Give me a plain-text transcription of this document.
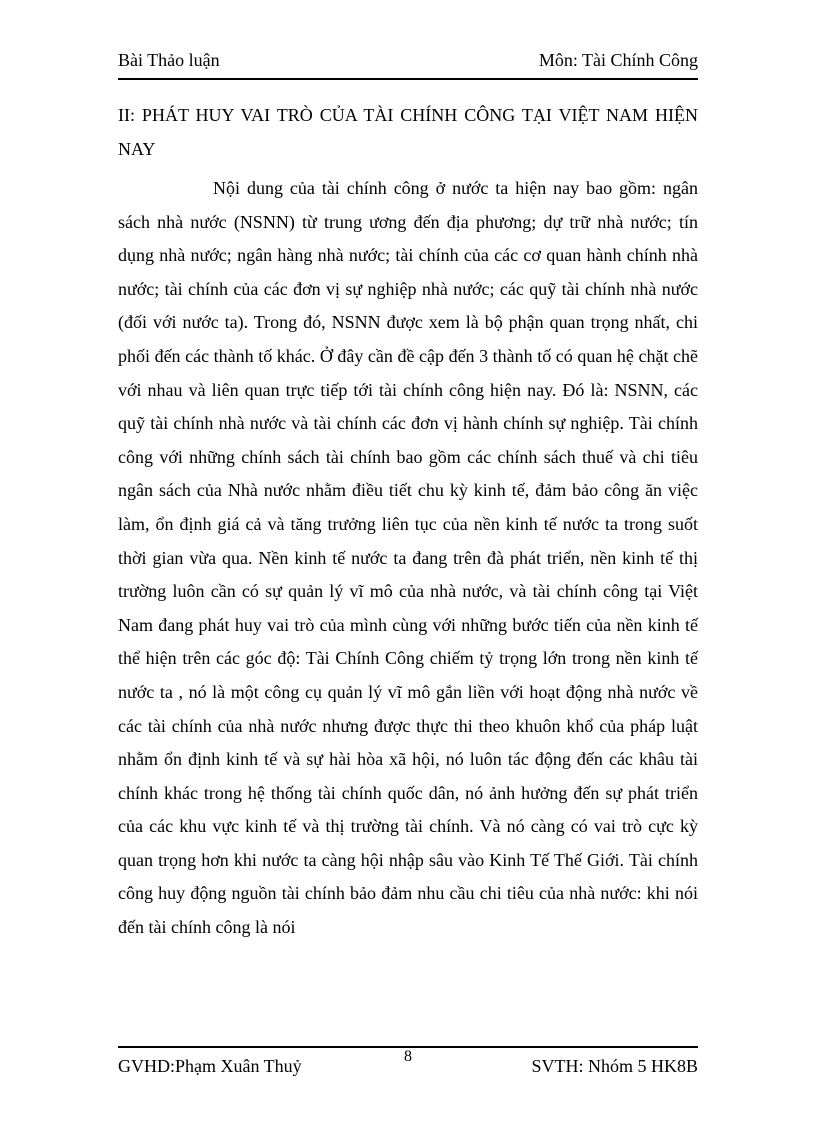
Bài Thảo luận	Môn: Tài Chính Công
II: PHÁT HUY VAI TRÒ CỦA TÀI CHÍNH CÔNG TẠI VIỆT NAM HIỆN NAY

Nội dung của tài chính công ở nước ta hiện nay bao gồm: ngân sách nhà nước (NSNN) từ trung ương đến địa phương; dự trữ nhà nước; tín dụng nhà nước; ngân hàng nhà nước; tài chính của các cơ quan hành chính nhà nước; tài chính của các đơn vị sự nghiệp nhà nước; các quỹ tài chính nhà nước (đối với nước ta). Trong đó, NSNN được xem là bộ phận quan trọng nhất, chi phối đến các thành tố khác. Ở đây cần đề cập đến 3 thành tố có quan hệ chặt chẽ với nhau và liên quan trực tiếp tới tài chính công hiện nay. Đó là: NSNN, các quỹ tài chính nhà nước và tài chính các đơn vị hành chính sự nghiệp. Tài chính công với những chính sách tài chính bao gồm các chính sách thuế và chi tiêu ngân sách của Nhà nước nhằm điều tiết chu kỳ kinh tế, đảm bảo công ăn việc làm, ổn định giá cả và tăng trưởng liên tục của nền kinh tế nước ta trong suốt thời gian vừa qua. Nền kinh tế nước ta đang trên đà phát triển, nền kinh tế thị trường luôn cần có sự quản lý vĩ mô của nhà nước, và tài chính công tại Việt Nam đang phát huy vai trò của mình cùng với những bước tiến của nền kinh tế thể hiện trên các góc độ: Tài Chính Công chiếm tỷ trọng lớn trong nền kinh tế nước ta , nó là một công cụ quản lý vĩ mô gắn liền với hoạt động nhà nước về các tài chính của nhà nước nhưng được thực thi theo khuôn khổ của pháp luật nhằm ổn định kinh tế và sự hài hòa xã hội, nó luôn tác động đến các khâu tài chính khác trong hệ thống tài chính quốc dân, nó ảnh hưởng đến sự phát triển của các khu vực kinh tế và thị trường tài chính. Và nó càng có vai trò cực kỳ quan trọng hơn khi nước ta càng hội nhập sâu vào Kinh Tế Thế Giới. Tài chính công huy động nguồn tài chính bảo đảm nhu cầu chi tiêu của nhà nước: khi nói đến tài chính công là nói

GVHD:Phạm Xuân Thuỷ	8	SVTH: Nhóm 5 HK8B
